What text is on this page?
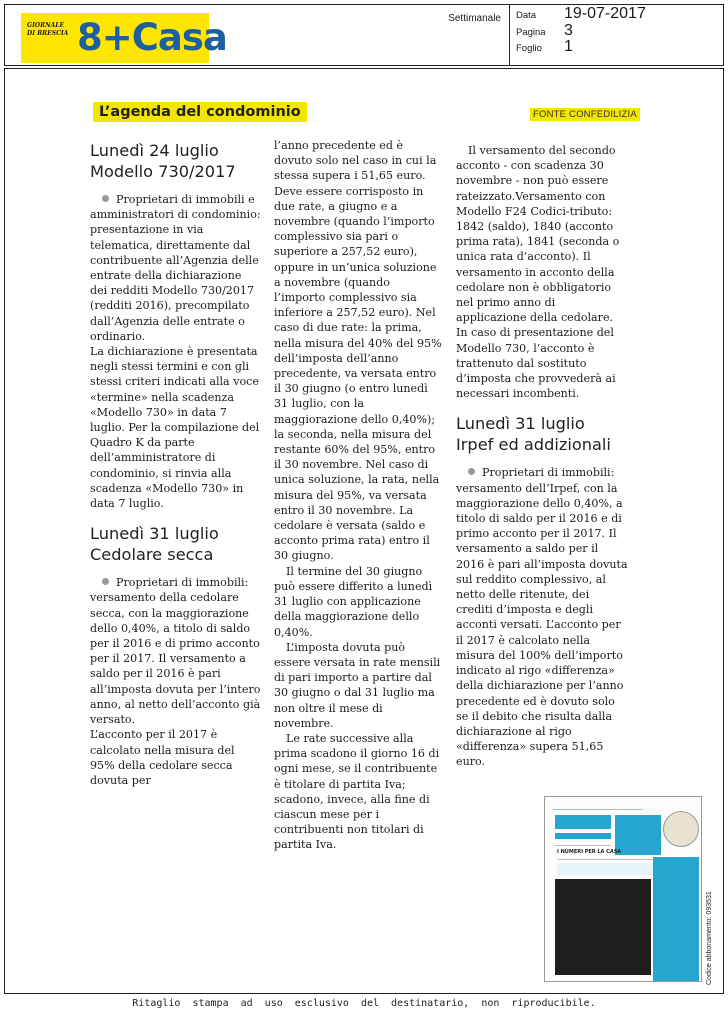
GIORNALE
DI BRESCIA 8+Casa	Settimanale Data 19-07-2017
Pagina 3
Foglio 1
L’agenda del condominio	FONTE CONFEDILIZIA
Lunedì 24 luglio
Modello 730/2017

Proprietari di immobili e amministratori di condominio: presentazione in via telematica, direttamente dal contribuente all’Agenzia delle entrate della dichiarazione dei redditi Modello 730/2017 (redditi 2016), precompilato dall’Agenzia delle entrate o ordinario.

La dichiarazione è presentata negli stessi termini e con gli stessi criteri indicati alla voce «termine» nella scadenza «Modello 730» in data 7 luglio. Per la compilazione del Quadro K da parte dell’amministratore di condominio, si rinvia alla scadenza «Modello 730» in data 7 luglio.

Lunedì 31 luglio
Cedolare secca

Proprietari di immobili: versamento della cedolare secca, con la maggiorazione dello 0,40%, a titolo di saldo per il 2016 e di primo acconto per il 2017. Il versamento a saldo per il 2016 è pari all’imposta dovuta per l’intero anno, al netto dell’acconto già versato.

L’acconto per il 2017 è calcolato nella misura del 95% della cedolare secca dovuta per

l’anno precedente ed è dovuto solo nel caso in cui la stessa supera i 51,65 euro. Deve essere corrisposto in due rate, a giugno e a novembre (quando l’importo complessivo sia pari o superiore a 257,52 euro), oppure in un’unica soluzione a novembre (quando l’importo complessivo sia inferiore a 257,52 euro). Nel caso di due rate: la prima, nella misura del 40% del 95% dell’imposta dell’anno precedente, va versata entro il 30 giugno (o entro lunedì 31 luglio, con la maggiorazione dello 0,40%); la seconda, nella misura del restante 60% del 95%, entro il 30 novembre. Nel caso di unica soluzione, la rata, nella misura del 95%, va versata entro il 30 novembre. La cedolare è versata (saldo e acconto prima rata) entro il 30 giugno.

Il termine del 30 giugno può essere differito a lunedì 31 luglio con applicazione della maggiorazione dello 0,40%.

L’imposta dovuta può essere versata in rate mensili di pari importo a partire dal 30 giugno o dal 31 luglio ma non oltre il mese di novembre.

Le rate successive alla prima scadono il giorno 16 di ogni mese, se il contribuente è titolare di partita Iva; scadono, invece, alla fine di ciascun mese per i contribuenti non titolari di partita Iva.

Il versamento del secondo acconto - con scadenza 30 novembre - non può essere rateizzato.Versamento con Modello F24 Codici-tributo: 1842 (saldo), 1840 (acconto prima rata), 1841 (seconda o unica rata d’acconto). Il versamento in acconto della cedolare non è obbligatorio nel primo anno di applicazione della cedolare. In caso di presentazione del Modello 730, l’acconto è trattenuto dal sostituto d’imposta che provvederà ai necessari incombenti.

Lunedì 31 luglio
Irpef ed addizionali

Proprietari di immobili: versamento dell’Irpef, con la maggiorazione dello 0,40%, a titolo di saldo per il 2016 e di primo acconto per il 2017. Il versamento a saldo per il 2016 è pari all’imposta dovuta sul reddito complessivo, al netto delle ritenute, dei crediti d’imposta e degli acconti versati. L’acconto per il 2017 è calcolato nella misura del 100% dell’importo indicato al rigo «differenza» della dichiarazione per l’anno precedente ed è dovuto solo se il debito che risulta dalla dichiarazione al rigo «differenza» supera 51,65 euro.

I NUMERI PER LA CASA
Codice abbonamento: 093531
Ritaglio stampa ad uso esclusivo del destinatario, non riproducibile.
